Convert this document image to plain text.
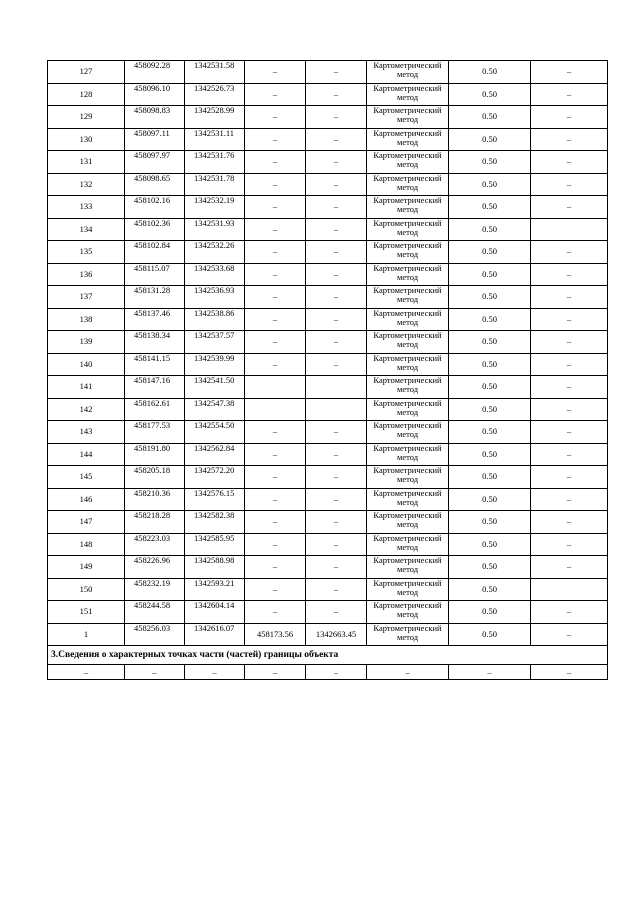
127	458092.28	1342531.58	–	–	Картометрический метод	0.50	–
128	458096.10	1342526.73	–	–	Картометрический метод	0.50	–
129	458098.83	1342528.99	–	–	Картометрический метод	0.50	–
130	458097.11	1342531.11	–	–	Картометрический метод	0.50	–
131	458097.97	1342531.76	–	–	Картометрический метод	0.50	–
132	458098.65	1342531.78	–	–	Картометрический метод	0.50	–
133	458102.16	1342532.19	–	–	Картометрический метод	0.50	–
134	458102.36	1342531.93	–	–	Картометрический метод	0.50	
135	458102.84	1342532.26	–	–	Картометрический метод	0.50	–
136	458115.07	1342533.68	–	–	Картометрический метод	0.50	–
137	458131.28	1342536.93	–	–	Картометрический метод	0.50	–
138	458137.46	1342538.86	–	–	Картометрический метод	0.50	–
139	458138.34	1342537.57	–	–	Картометрический метод	0.50	–
140	458141.15	1342539.99	–	–	Картометрический метод	0.50	–
141	458147.16	1342541.50			Картометрический метод	0.50	–
142	458162.61	1342547.38			Картометрический метод	0.50	–
143	458177.53	1342554.50	–	–	Картометрический метод	0.50	–
144	458191.80	1342562.84	–	–	Картометрический метод	0.50	–
145	458205.18	1342572.20	–	–	Картометрический метод	0.50	–
146	458210.36	1342576.15	–	–	Картометрический метод	0.50	–
147	458218.28	1342582.38	–	–	Картометрический метод	0.50	–
148	458223.03	1342585.95	–	–	Картометрический метод	0.50	–
149	458226.96	1342588.98	–	–	Картометрический метод	0.50	–
150	458232.19	1342593.21	–	–	Картометрический метод	0.50	
151	458244.58	1342604.14	–	–	Картометрический метод	0.50	–
1	458256.03	1342616.07	458173.56	1342663.45	Картометрический метод	0.50	–
3.Сведения о характерных точках части (частей) границы объекта							
–	–	–	–	–	–	–	–
